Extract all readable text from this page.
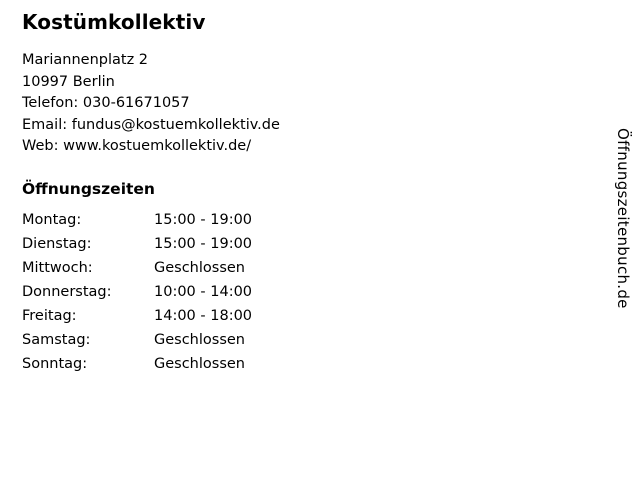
Kostümkollektiv
Mariannenplatz 2
10997 Berlin
Telefon: 030-61671057
Email: fundus@kostuemkollektiv.de
Web: www.kostuemkollektiv.de/
Öffnungszeiten
Montag:	15:00 - 19:00
Dienstag:	15:00 - 19:00
Mittwoch:	Geschlossen
Donnerstag:	10:00 - 14:00
Freitag:	14:00 - 18:00
Samstag:	Geschlossen
Sonntag:	Geschlossen
Öffnungszeitenbuch.de
